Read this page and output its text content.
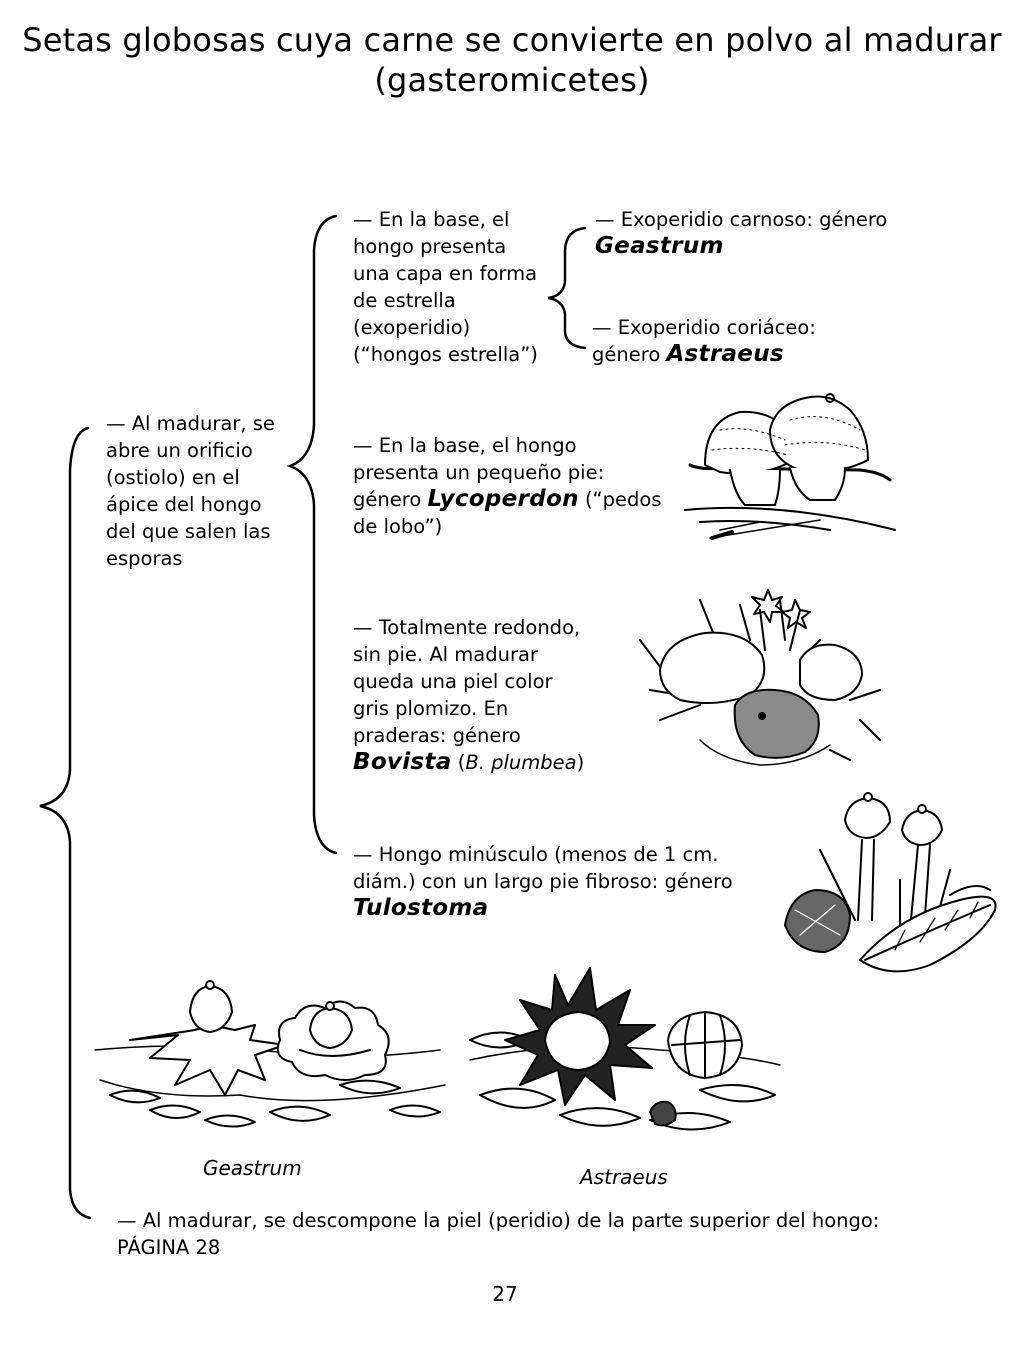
Setas globosas cuya carne se convierte en polvo al madurar
(gasteromicetes)
— Al madurar, se
abre un orificio
(ostiolo) en el
ápice del hongo
del que salen las
esporas
— En la base, el
hongo presenta
una capa en forma
de estrella
(exoperidio)
(“hongos estrella”)
— Exoperidio carnoso: género
Geastrum
— Exoperidio coriáceo:
género Astraeus
— En la base, el hongo
presenta un pequeño pie:
género Lycoperdon (“pedos
de lobo”)
— Totalmente redondo,
sin pie. Al madurar
queda una piel color
gris plomizo. En
praderas: género
Bovista (B. plumbea)
— Hongo minúsculo (menos de 1 cm.
diám.) con un largo pie fibroso: género
Tulostoma
— Al madurar, se descompone la piel (peridio) de la parte superior del hongo:
PÁGINA 28
Geastrum	Astraeus
27
